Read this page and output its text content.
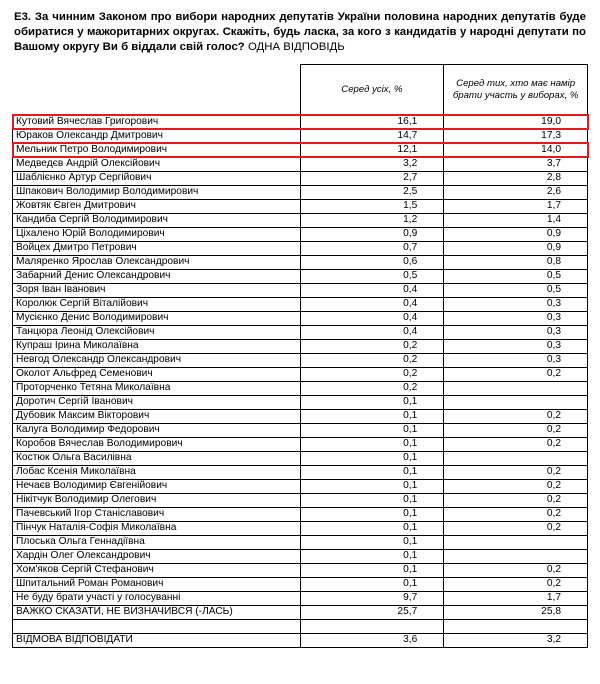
Е3. За чинним Законом про вибори народних депутатів України половина народних депутатів буде обиратися у мажоритарних округах. Скажіть, будь ласка, за кого з кандидатів у народні депутати по Вашому округу Ви б віддали свій голос? ОДНА ВІДПОВІДЬ

	Серед усіх, %	Серед тих, хто має намір брати участь у виборах, %
Кутовий Вячеслав Григорович	16,1	19,0
Юраков Олександр Дмитрович	14,7	17,3
Мельник Петро Володимирович	12,1	14,0
Медведєв Андрій Олексійович	3,2	3,7
Шаблієнко Артур Сергійович	2,7	2,8
Шпакович Володимир Володимирович	2,5	2,6
Жовтяк Євген Дмитрович	1,5	1,7
Кандиба Сергій Володимирович	1,2	1,4
Ціхалено Юрій Володимирович	0,9	0,9
Войцех Дмитро Петрович	0,7	0,9
Маляренко Ярослав Олександрович	0,6	0,8
Забарний Денис Олександрович	0,5	0,5
Зоря Іван Іванович	0,4	0,5
Королюк Сергій Віталійович	0,4	0,3
Мусієнко Денис Володимирович	0,4	0,3
Танцюра Леонід Олексійович	0,4	0,3
Купраш Ірина Миколаївна	0,2	0,3
Невгод Олександр Олександрович	0,2	0,3
Околот Альфред Семенович	0,2	0,2
Проторченко Тетяна Миколаївна	0,2	
Доротич Сергій Іванович	0,1	
Дубовик Максим Вікторович	0,1	0,2
Калуга Володимир Федорович	0,1	0,2
Коробов Вячеслав Володимирович	0,1	0,2
Костюк Ольга Василівна	0,1	
Лобас Ксенія Миколаївна	0,1	0,2
Нечаєв Володимир Євгенійович	0,1	0,2
Нікітчук Володимир Олегович	0,1	0,2
Пачевський Ігор Станіславович	0,1	0,2
Пінчук Наталія-Софія Миколаївна	0,1	0,2
Плоська Ольга Геннадіївна	0,1	
Хардін Олег Олександрович	0,1	
Хом'яков Сергій Стефанович	0,1	0,2
Шпитальний Роман Романович	0,1	0,2
Не буду брати участі у голосуванні	9,7	1,7
ВАЖКО СКАЗАТИ, НЕ ВИЗНАЧИВСЯ (-ЛАСЬ)	25,7	25,8

ВІДМОВА ВІДПОВІДАТИ	3,6	3,2
